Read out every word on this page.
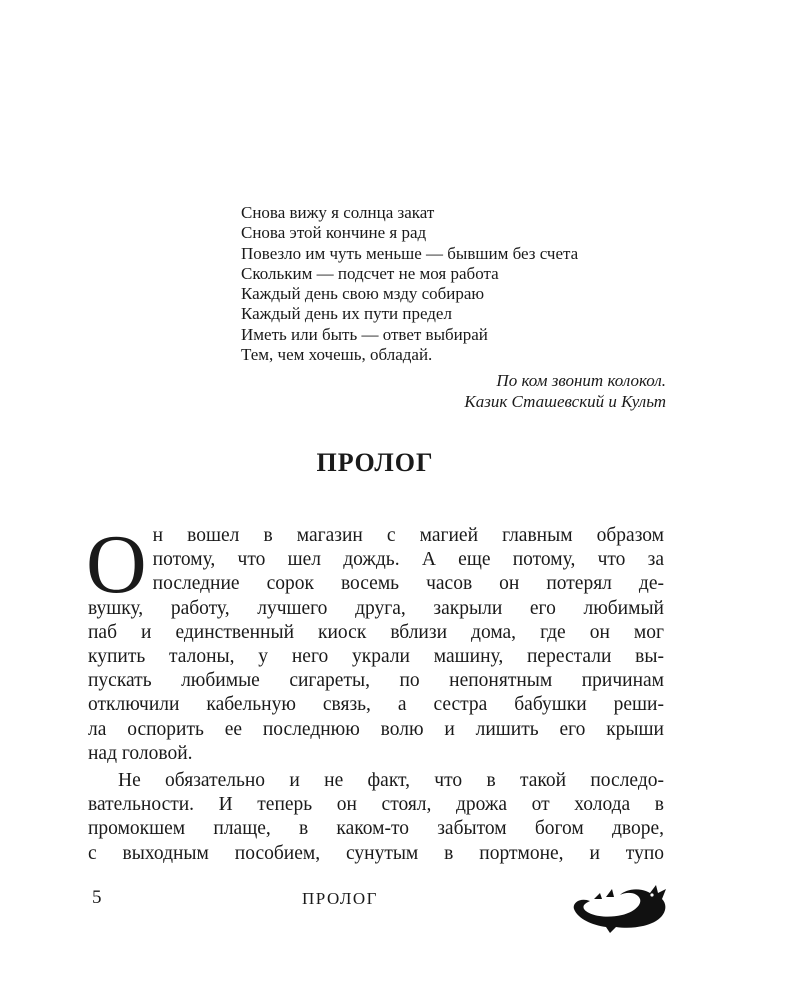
Снова вижу я солнца закат
Снова этой кончине я рад
Повезло им чуть меньше — бывшим без счета
Скольким — подсчет не моя работа
Каждый день свою мзду собираю
Каждый день их пути предел
Иметь или быть — ответ выбирай
Тем, чем хочешь, обладай.
По ком звонит колокол.
Казик Сташевский и Культ
ПРОЛОГ

О н вошел в магазин с магией главным образом
потому, что шел дождь. А еще потому, что за
последние сорок восемь часов он потерял де-
вушку, работу, лучшего друга, закрыли его любимый
паб и единственный киоск вблизи дома, где он мог
купить талоны, у него украли машину, перестали вы-
пускать любимые сигареты, по непонятным причинам
отключили кабельную связь, а сестра бабушки реши-
ла оспорить ее последнюю волю и лишить его крыши
над головой.

Не обязательно и не факт, что в такой последо-
вательности. И теперь он стоял, дрожа от холода в
промокшем плаще, в каком-то забытом богом дворе,
с выходным пособием, сунутым в портмоне, и тупо

5	ПРОЛОГ
